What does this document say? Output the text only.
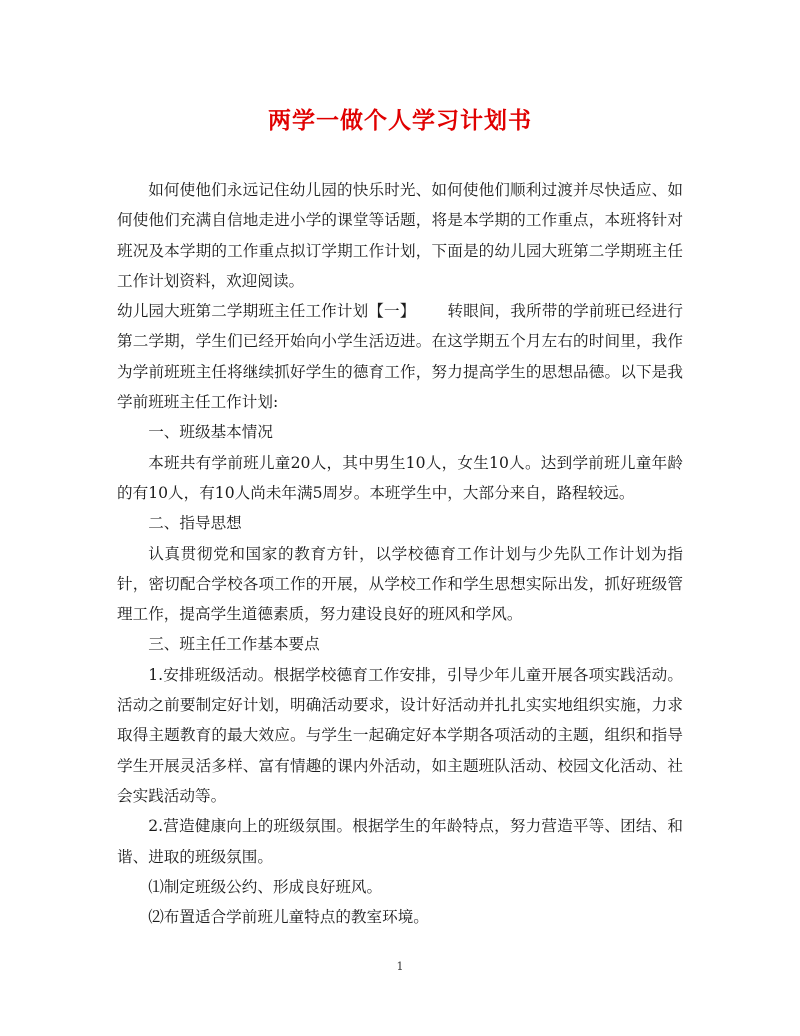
两学一做个人学习计划书

如何使他们永远记住幼儿园的快乐时光、如何使他们顺利过渡并尽快适应、如何使他们充满自信地走进小学的课堂等话题，将是本学期的工作重点，本班将针对班况及本学期的工作重点拟订学期工作计划，下面是的幼儿园大班第二学期班主任工作计划资料，欢迎阅读。

幼儿园大班第二学期班主任工作计划【一】 转眼间，我所带的学前班已经进行第二学期，学生们已经开始向小学生活迈进。在这学期五个月左右的时间里，我作为学前班班主任将继续抓好学生的德育工作，努力提高学生的思想品德。以下是我学前班班主任工作计划:

一、班级基本情况

本班共有学前班儿童20人，其中男生10人，女生10人。达到学前班儿童年龄的有10人，有10人尚未年满5周岁。本班学生中，大部分来自，路程较远。

二、指导思想

认真贯彻党和国家的教育方针，以学校德育工作计划与少先队工作计划为指针，密切配合学校各项工作的开展，从学校工作和学生思想实际出发，抓好班级管理工作，提高学生道德素质，努力建设良好的班风和学风。

三、班主任工作基本要点

1.安排班级活动。根据学校德育工作安排，引导少年儿童开展各项实践活动。活动之前要制定好计划，明确活动要求，设计好活动并扎扎实实地组织实施，力求取得主题教育的最大效应。与学生一起确定好本学期各项活动的主题，组织和指导学生开展灵活多样、富有情趣的课内外活动，如主题班队活动、校园文化活动、社会实践活动等。

2.营造健康向上的班级氛围。根据学生的年龄特点，努力营造平等、团结、和谐、进取的班级氛围。

⑴制定班级公约、形成良好班风。

⑵布置适合学前班儿童特点的教室环境。

1
